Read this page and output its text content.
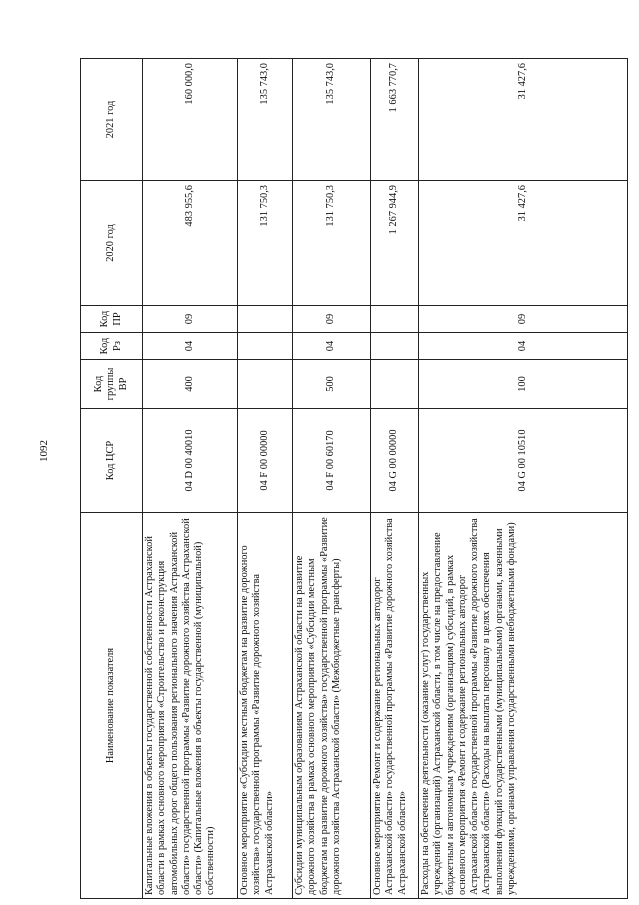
1092
Наименование показателя	Код ЦСР	Код группы ВР	Код Рз	Код ПР	2020 год	2021 год
Капитальные вложения в объекты государственной собственности Астраханской области в рамках основного мероприятия «Строительство и реконструкция автомобильных дорог общего пользования регионального значения Астраханской области» государственной программы «Развитие дорожного хозяйства Астраханской области» (Капитальные вложения в объекты государственной (муниципальной) собственности)	04 D 00 40010	400	04	09	483 955,6	160 000,0
Основное мероприятие «Субсидии местным бюджетам на развитие дорожного хозяйства» государственной программы «Развитие дорожного хозяйства Астраханской области»	04 F 00 00000				131 750,3	135 743,0
Субсидии муниципальным образованиям Астраханской области на развитие дорожного хозяйства в рамках основного мероприятия «Субсидии местным бюджетам на развитие дорожного хозяйства» государственной программы «Развитие дорожного хозяйства Астраханской области» (Межбюджетные трансферты)	04 F 00 60170	500	04	09	131 750,3	135 743,0
Основное мероприятие «Ремонт и содержание региональных автодорог Астраханской области» государственной программы «Развитие дорожного хозяйства Астраханской области»	04 G 00 00000				1 267 944,9	1 663 770,7
Расходы на обеспечение деятельности (оказание услуг) государственных учреждений (организаций) Астраханской области, в том числе на предоставление бюджетным и автономным учреждениям (организациям) субсидий, в рамках основного мероприятия «Ремонт и содержание региональных автодорог Астраханской области» государственной программы «Развитие дорожного хозяйства Астраханской области» (Расходы на выплаты персоналу в целях обеспечения выполнения функций государственными (муниципальными) органами, казенными учреждениями, органами управления государственными внебюджетными фондами)	04 G 00 10510	100	04	09	31 427,6	31 427,6
